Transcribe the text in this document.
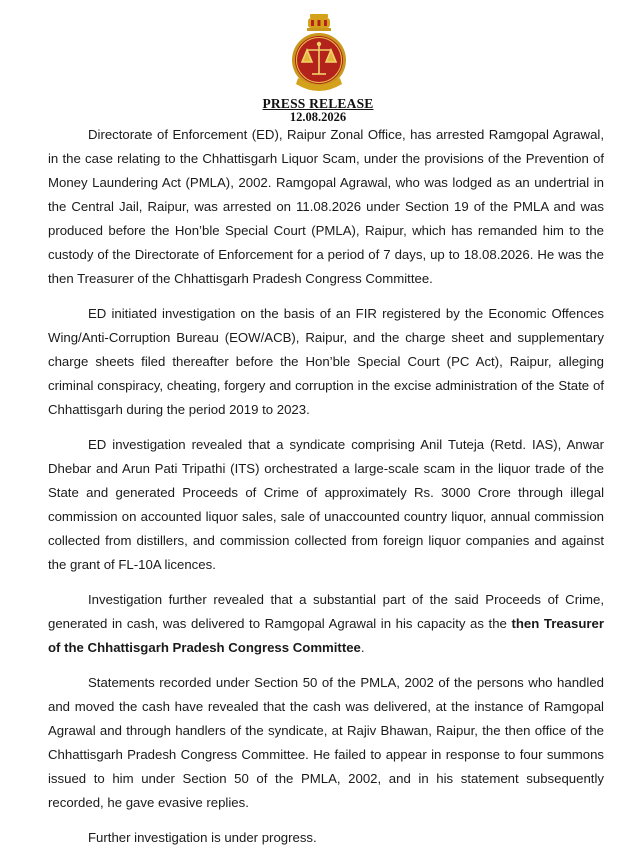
PRESS RELEASE
12.08.2026

Directorate of Enforcement (ED), Raipur Zonal Office, has arrested Ramgopal Agrawal, in the case relating to the Chhattisgarh Liquor Scam, under the provisions of the Prevention of Money Laundering Act (PMLA), 2002. Ramgopal Agrawal, who was lodged as an undertrial in the Central Jail, Raipur, was arrested on 11.08.2026 under Section 19 of the PMLA and was produced before the Hon’ble Special Court (PMLA), Raipur, which has remanded him to the custody of the Directorate of Enforcement for a period of 7 days, up to 18.08.2026. He was the then Treasurer of the Chhattisgarh Pradesh Congress Committee.

ED initiated investigation on the basis of an FIR registered by the Economic Offences Wing/Anti-Corruption Bureau (EOW/ACB), Raipur, and the charge sheet and supplementary charge sheets filed thereafter before the Hon’ble Special Court (PC Act), Raipur, alleging criminal conspiracy, cheating, forgery and corruption in the excise administration of the State of Chhattisgarh during the period 2019 to 2023.

ED investigation revealed that a syndicate comprising Anil Tuteja (Retd. IAS), Anwar Dhebar and Arun Pati Tripathi (ITS) orchestrated a large-scale scam in the liquor trade of the State and generated Proceeds of Crime of approximately Rs. 3000 Crore through illegal commission on accounted liquor sales, sale of unaccounted country liquor, annual commission collected from distillers, and commission collected from foreign liquor companies and against the grant of FL-10A licences.

Investigation further revealed that a substantial part of the said Proceeds of Crime, generated in cash, was delivered to Ramgopal Agrawal in his capacity as the then Treasurer of the Chhattisgarh Pradesh Congress Committee.

Statements recorded under Section 50 of the PMLA, 2002 of the persons who handled and moved the cash have revealed that the cash was delivered, at the instance of Ramgopal Agrawal and through handlers of the syndicate, at Rajiv Bhawan, Raipur, the then office of the Chhattisgarh Pradesh Congress Committee. He failed to appear in response to four summons issued to him under Section 50 of the PMLA, 2002, and in his statement subsequently recorded, he gave evasive replies.

Further investigation is under progress.
